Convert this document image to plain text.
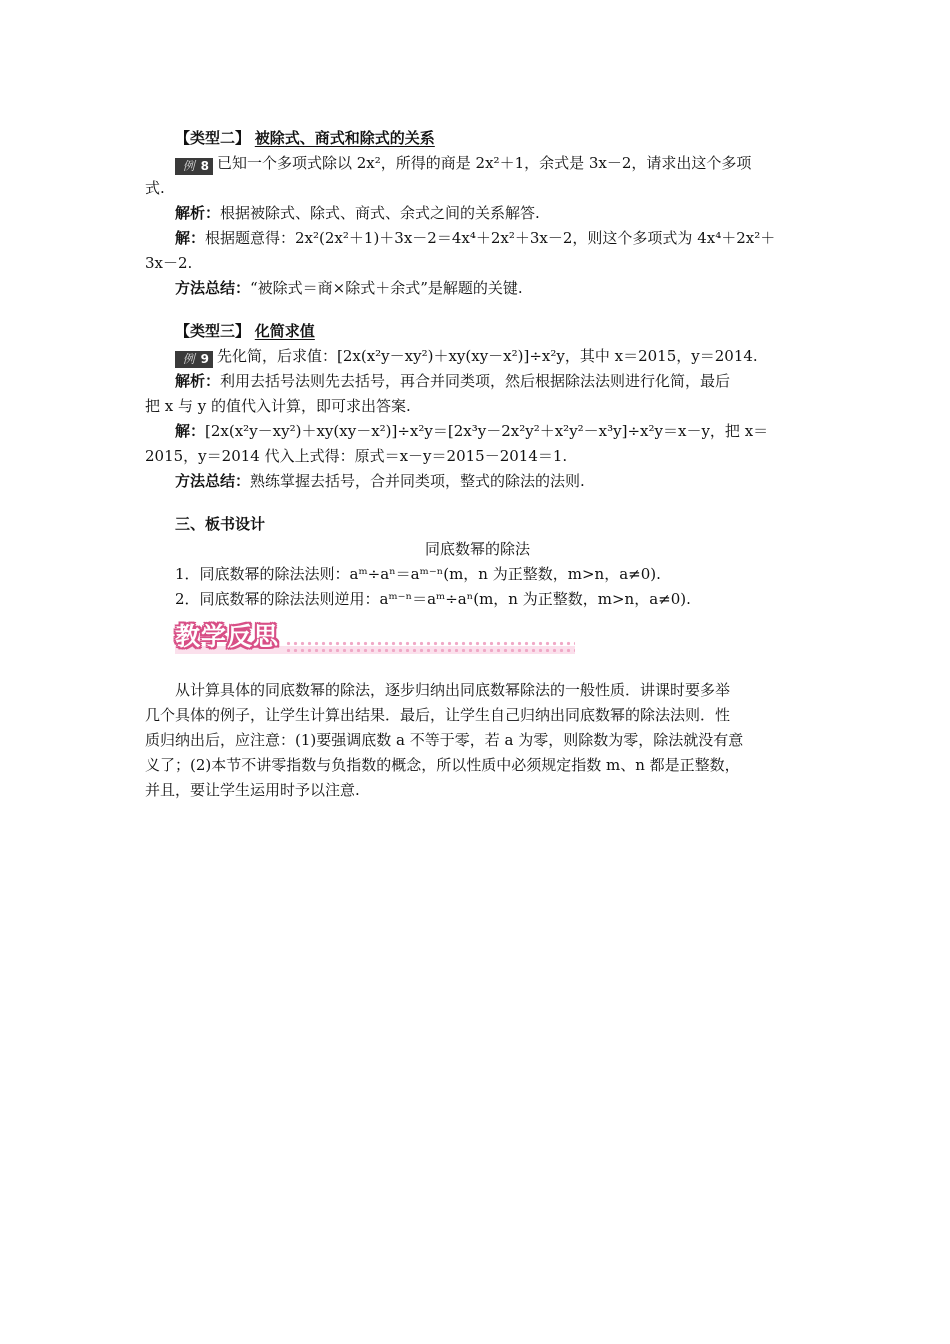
【类型二】 被除式、商式和除式的关系
例 8 已知一个多项式除以 2x²，所得的商是 2x²＋1，余式是 3x－2，请求出这个多项
式.
解析：根据被除式、除式、商式、余式之间的关系解答.
解：根据题意得：2x²(2x²＋1)＋3x－2＝4x⁴＋2x²＋3x－2，则这个多项式为 4x⁴＋2x²＋
3x－2.
方法总结：“被除式＝商×除式＋余式”是解题的关键.
【类型三】 化简求值
例 9 先化简，后求值：[2x(x²y－xy²)＋xy(xy－x²)]÷x²y，其中 x＝2015，y＝2014.
解析：利用去括号法则先去括号，再合并同类项，然后根据除法法则进行化简，最后
把 x 与 y 的值代入计算，即可求出答案.
解：[2x(x²y－xy²)＋xy(xy－x²)]÷x²y＝[2x³y－2x²y²＋x²y²－x³y]÷x²y＝x－y，把 x＝
2015，y＝2014 代入上式得：原式＝x－y＝2015－2014＝1.
方法总结：熟练掌握去括号，合并同类项，整式的除法的法则.
三、板书设计
同底数幂的除法
1．同底数幂的除法法则：aᵐ÷aⁿ＝aᵐ⁻ⁿ(m，n 为正整数，m>n，a≠0).
2．同底数幂的除法法则逆用：aᵐ⁻ⁿ＝aᵐ÷aⁿ(m，n 为正整数，m>n，a≠0).
教学反思
从计算具体的同底数幂的除法，逐步归纳出同底数幂除法的一般性质．讲课时要多举
几个具体的例子，让学生计算出结果．最后，让学生自己归纳出同底数幂的除法法则．性
质归纳出后，应注意：(1)要强调底数 a 不等于零，若 a 为零，则除数为零，除法就没有意
义了；(2)本节不讲零指数与负指数的概念，所以性质中必须规定指数 m、n 都是正整数，
并且，要让学生运用时予以注意.
